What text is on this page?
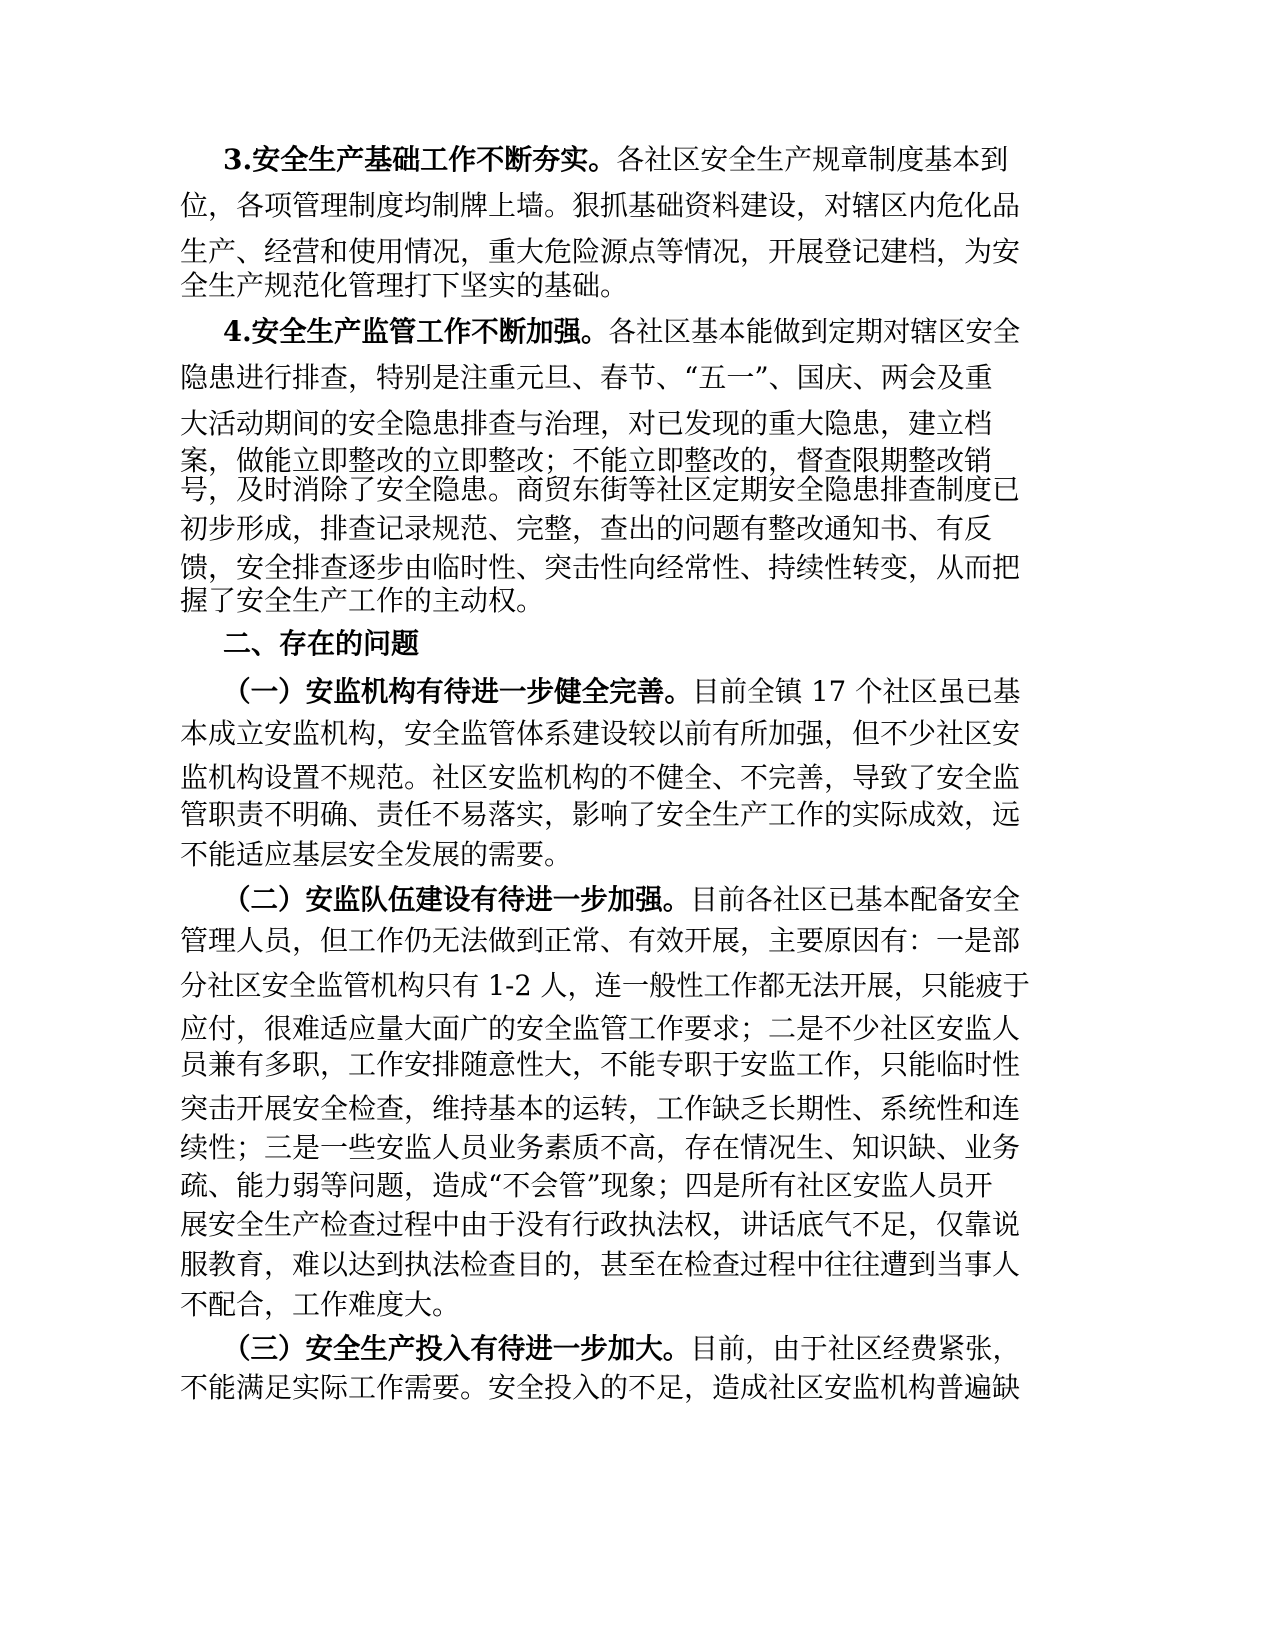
3.安全生产基础工作不断夯实。各社区安全生产规章制度基本到
位，各项管理制度均制牌上墙。狠抓基础资料建设，对辖区内危化品
生产、经营和使用情况，重大危险源点等情况，开展登记建档，为安
全生产规范化管理打下坚实的基础。
4.安全生产监管工作不断加强。各社区基本能做到定期对辖区安全
隐患进行排查，特别是注重元旦、春节、“五一”、国庆、两会及重
大活动期间的安全隐患排查与治理，对已发现的重大隐患，建立档
案，做能立即整改的立即整改；不能立即整改的，督查限期整改销
号，及时消除了安全隐患。商贸东街等社区定期安全隐患排查制度已
初步形成，排查记录规范、完整，查出的问题有整改通知书、有反
馈，安全排查逐步由临时性、突击性向经常性、持续性转变，从而把
握了安全生产工作的主动权。
二、存在的问题
（一）安监机构有待进一步健全完善。目前全镇 17 个社区虽已基
本成立安监机构，安全监管体系建设较以前有所加强，但不少社区安
监机构设置不规范。社区安监机构的不健全、不完善，导致了安全监
管职责不明确、责任不易落实，影响了安全生产工作的实际成效，远
不能适应基层安全发展的需要。
（二）安监队伍建设有待进一步加强。目前各社区已基本配备安全
管理人员，但工作仍无法做到正常、有效开展，主要原因有：一是部
分社区安全监管机构只有 1-2 人，连一般性工作都无法开展，只能疲于
应付，很难适应量大面广的安全监管工作要求；二是不少社区安监人
员兼有多职，工作安排随意性大，不能专职于安监工作，只能临时性
突击开展安全检查，维持基本的运转，工作缺乏长期性、系统性和连
续性；三是一些安监人员业务素质不高，存在情况生、知识缺、业务
疏、能力弱等问题，造成“不会管”现象；四是所有社区安监人员开
展安全生产检查过程中由于没有行政执法权，讲话底气不足，仅靠说
服教育，难以达到执法检查目的，甚至在检查过程中往往遭到当事人
不配合，工作难度大。
（三）安全生产投入有待进一步加大。目前，由于社区经费紧张，
不能满足实际工作需要。安全投入的不足，造成社区安监机构普遍缺
